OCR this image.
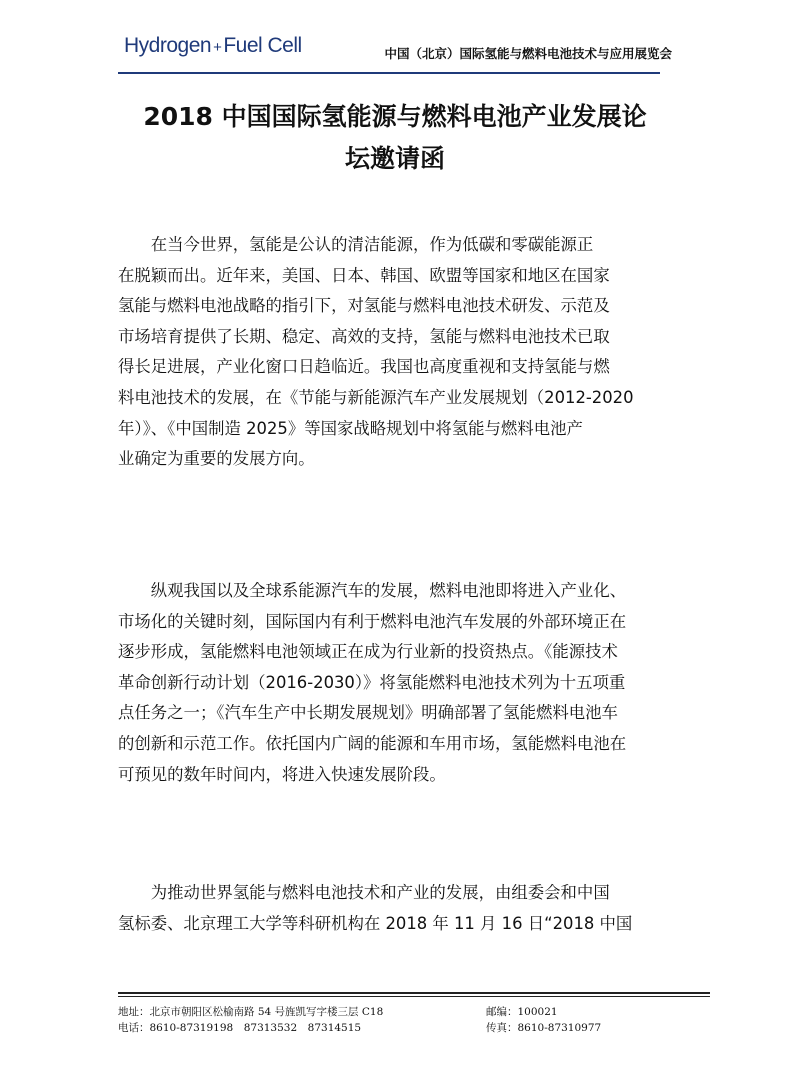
Hydrogen +Fuel Cell	中国（北京）国际氢能与燃料电池技术与应用展览会
2018 中国国际氢能源与燃料电池产业发展论
坛邀请函
　　在当今世界，氢能是公认的清洁能源，作为低碳和零碳能源正
在脱颖而出。近年来，美国、日本、韩国、欧盟等国家和地区在国家
氢能与燃料电池战略的指引下，对氢能与燃料电池技术研发、示范及
市场培育提供了长期、稳定、高效的支持，氢能与燃料电池技术已取
得长足进展，产业化窗口日趋临近。我国也高度重视和支持氢能与燃
料电池技术的发展，在《节能与新能源汽车产业发展规划（2012-2020
年）》、《中国制造 2025》等国家战略规划中将氢能与燃料电池产
业确定为重要的发展方向。
　　纵观我国以及全球系能源汽车的发展，燃料电池即将进入产业化、
市场化的关键时刻，国际国内有利于燃料电池汽车发展的外部环境正在
逐步形成，氢能燃料电池领域正在成为行业新的投资热点。《能源技术
革命创新行动计划（2016-2030）》将氢能燃料电池技术列为十五项重
点任务之一；《汽车生产中长期发展规划》明确部署了氢能燃料电池车
的创新和示范工作。依托国内广阔的能源和车用市场，氢能燃料电池在
可预见的数年时间内，将进入快速发展阶段。
　　为推动世界氢能与燃料电池技术和产业的发展，由组委会和中国
氢标委、北京理工大学等科研机构在 2018 年 11 月 16 日“2018 中国
地址：北京市朝阳区松榆南路 54 号旌凯写字楼三层 C18	邮编：100021
电话：8610-87319198　87313532　87314515	传真：8610-87310977
